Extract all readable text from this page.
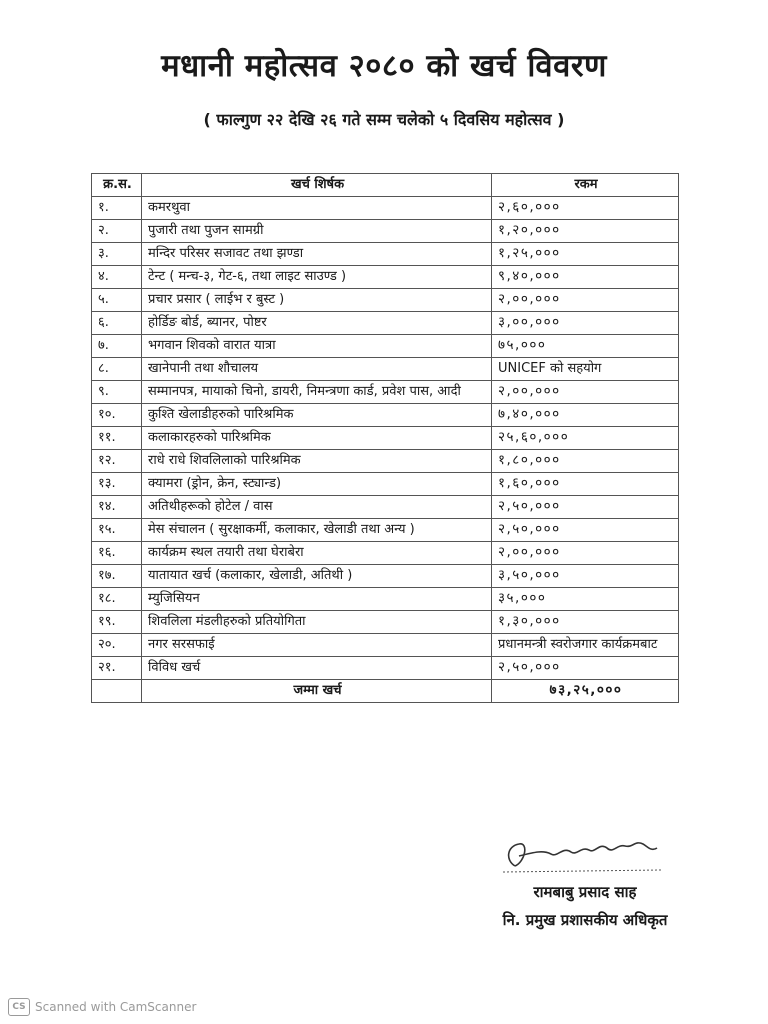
मधानी महोत्सव २०८० को खर्च विवरण
( फाल्गुण २२ देखि २६ गते सम्म चलेको ५ दिवसिय महोत्सव )
क्र.स.	खर्च शिर्षक	रकम
१.	कमरथुवा	२,६०,०००
२.	पुजारी तथा पुजन सामग्री	१,२०,०००
३.	मन्दिर परिसर सजावट तथा झण्डा	१,२५,०००
४.	टेन्ट ( मन्च-३, गेट-६, तथा लाइट साउण्ड )	९,४०,०००
५.	प्रचार प्रसार ( लाईभ र बुस्ट )	२,००,०००
६.	होर्डिङ बोर्ड, ब्यानर, पोष्टर	३,००,०००
७.	भगवान शिवको वारात यात्रा	७५,०००
८.	खानेपानी तथा शौचालय	UNICEF को सहयोग
९.	सम्मानपत्र, मायाको चिनो, डायरी, निमन्त्रणा कार्ड, प्रवेश पास, आदी	२,००,०००
१०.	कुश्ति खेलाडीहरुको पारिश्रमिक	७,४०,०००
११.	कलाकारहरुको पारिश्रमिक	२५,६०,०००
१२.	राधे राधे शिवलिलाको पारिश्रमिक	१,८०,०००
१३.	क्यामरा (ड्रोन, क्रेन, स्ट्यान्ड)	१,६०,०००
१४.	अतिथीहरूको होटेल / वास	२,५०,०००
१५.	मेस संचालन ( सुरक्षाकर्मी, कलाकार, खेलाडी तथा अन्य )	२,५०,०००
१६.	कार्यक्रम स्थल तयारी तथा घेराबेरा	२,००,०००
१७.	यातायात खर्च (कलाकार, खेलाडी, अतिथी )	३,५०,०००
१८.	म्युजिसियन	३५,०००
१९.	शिवलिला मंडलीहरुको प्रतियोगिता	१,३०,०००
२०.	नगर सरसफाई	प्रधानमन्त्री स्वरोजगार कार्यक्रमबाट
२१.	विविध खर्च	२,५०,०००
	जम्मा खर्च	७३,२५,०००
रामबाबु प्रसाद साह
नि. प्रमुख प्रशासकीय अधिकृत
CS Scanned with CamScanner
